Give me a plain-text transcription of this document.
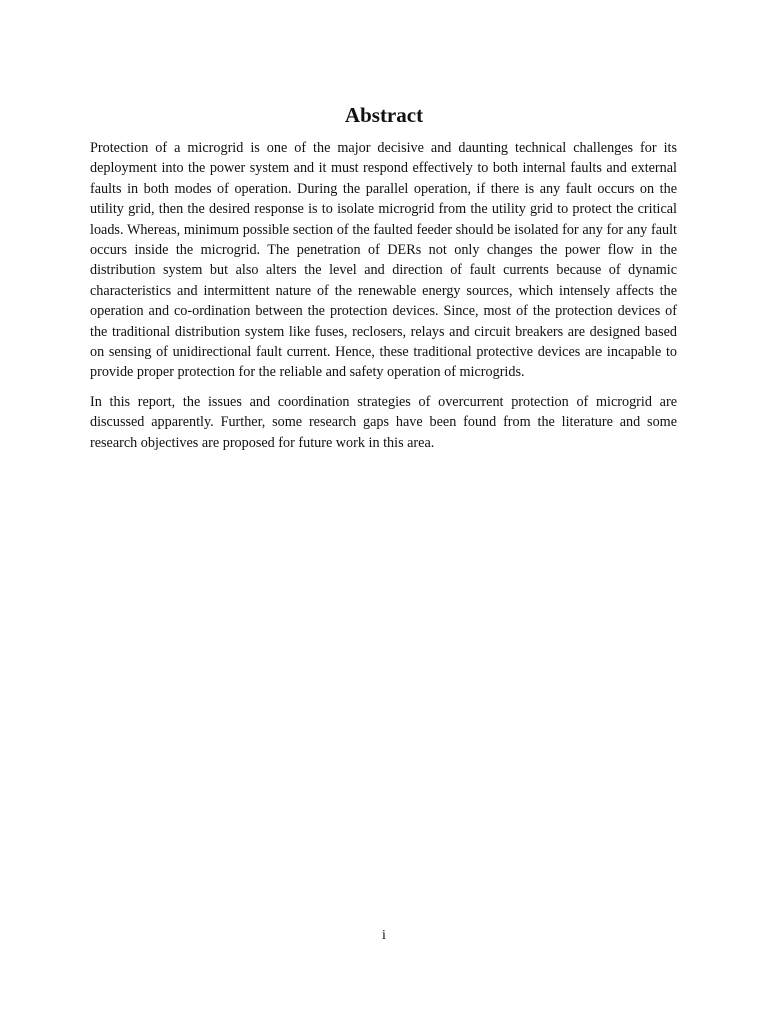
Abstract

Protection of a microgrid is one of the major decisive and daunting technical challenges for its deployment into the power system and it must respond effectively to both internal faults and external faults in both modes of operation. During the parallel operation, if there is any fault occurs on the utility grid, then the desired response is to isolate microgrid from the utility grid to protect the critical loads. Whereas, minimum possible section of the faulted feeder should be isolated for any for any fault occurs inside the microgrid. The penetration of DERs not only changes the power flow in the distribution system but also alters the level and direction of fault currents because of dynamic characteristics and intermittent nature of the renewable energy sources, which intensely affects the operation and co-ordination between the protection devices. Since, most of the protection devices of the traditional distribution system like fuses, reclosers, relays and circuit breakers are designed based on sensing of unidirectional fault current. Hence, these traditional protective devices are incapable to provide proper protection for the reliable and safety operation of microgrids.

In this report, the issues and coordination strategies of overcurrent protection of microgrid are discussed apparently. Further, some research gaps have been found from the literature and some research objectives are proposed for future work in this area.

i
